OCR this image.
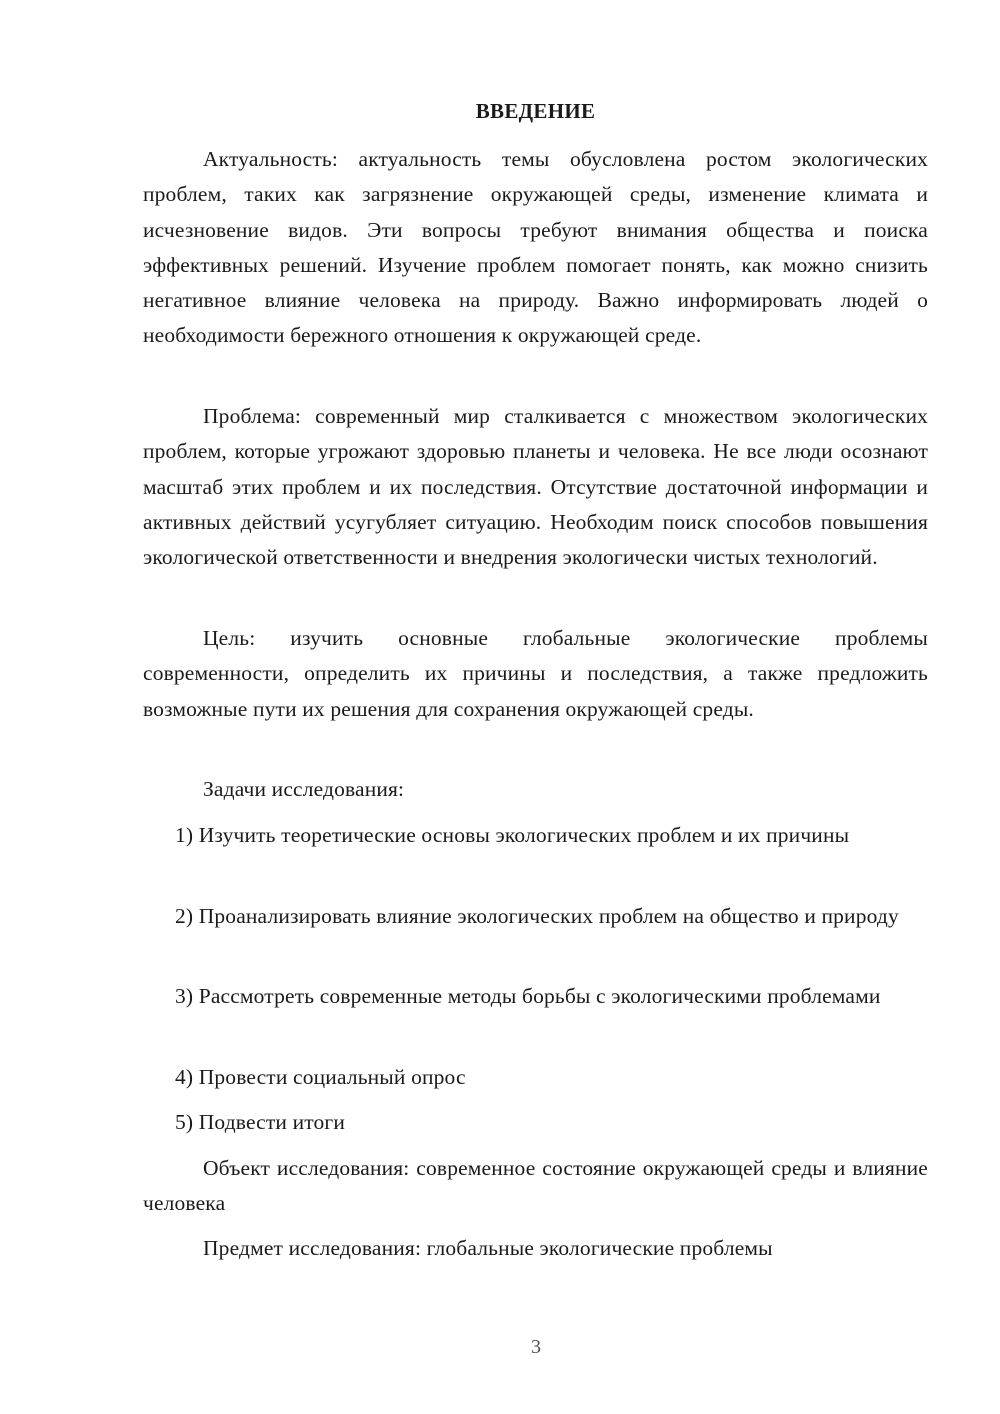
ВВЕДЕНИЕ

Актуальность: актуальность темы обусловлена ростом экологических проблем, таких как загрязнение окружающей среды, изменение климата и исчезновение видов. Эти вопросы требуют внимания общества и поиска эффективных решений. Изучение проблем помогает понять, как можно снизить негативное влияние человека на природу. Важно информировать людей о необходимости бережного отношения к окружающей среде.

Проблема: современный мир сталкивается с множеством экологических проблем, которые угрожают здоровью планеты и человека. Не все люди осознают масштаб этих проблем и их последствия. Отсутствие достаточной информации и активных действий усугубляет ситуацию. Необходим поиск способов повышения экологической ответственности и внедрения экологически чистых технологий.

Цель: изучить основные глобальные экологические проблемы современности, определить их причины и последствия, а также предложить возможные пути их решения для сохранения окружающей среды.

Задачи исследования:

1) Изучить теоретические основы экологических проблем и их причины

2) Проанализировать влияние экологических проблем на общество и природу

3) Рассмотреть современные методы борьбы с экологическими проблемами

4) Провести социальный опрос

5) Подвести итоги

Объект исследования: современное состояние окружающей среды и влияние человека

Предмет исследования: глобальные экологические проблемы

3
